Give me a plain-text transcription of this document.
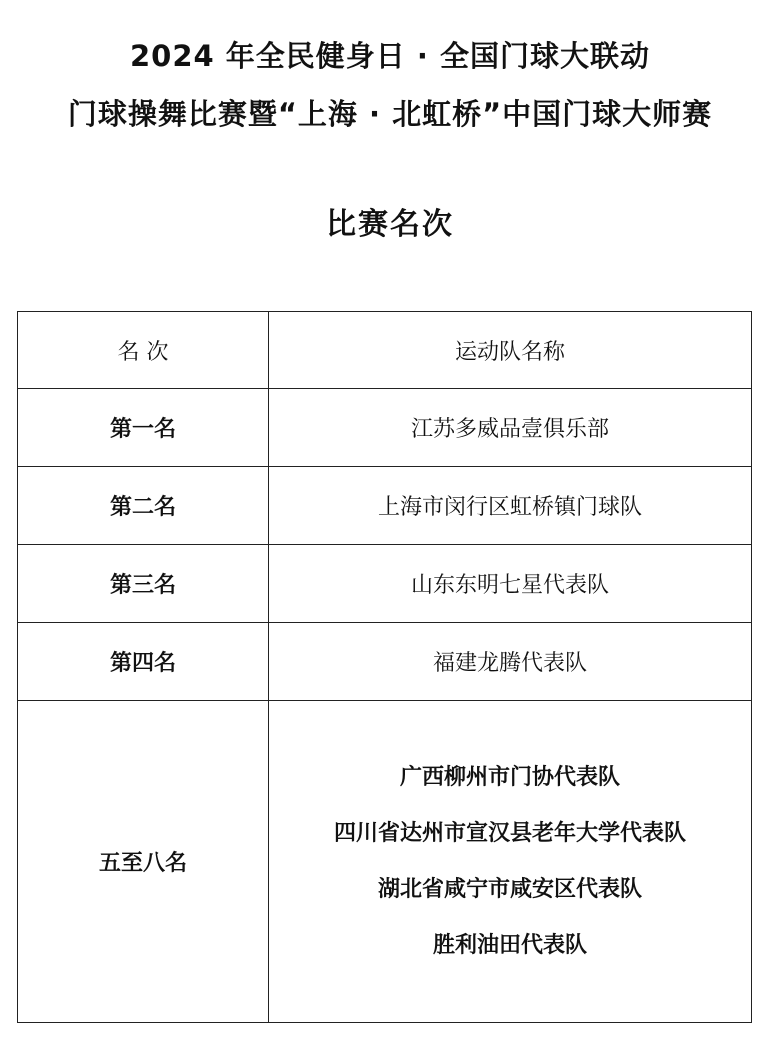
2024 年全民健身日 · 全国门球大联动
门球操舞比赛暨“上海 · 北虹桥”中国门球大师赛
比赛名次
名 次	运动队名称
第一名	江苏多威品壹俱乐部
第二名	上海市闵行区虹桥镇门球队
第三名	山东东明七星代表队
第四名	福建龙腾代表队
五至八名	广西柳州市门协代表队
四川省达州市宣汉县老年大学代表队
湖北省咸宁市咸安区代表队
胜利油田代表队
